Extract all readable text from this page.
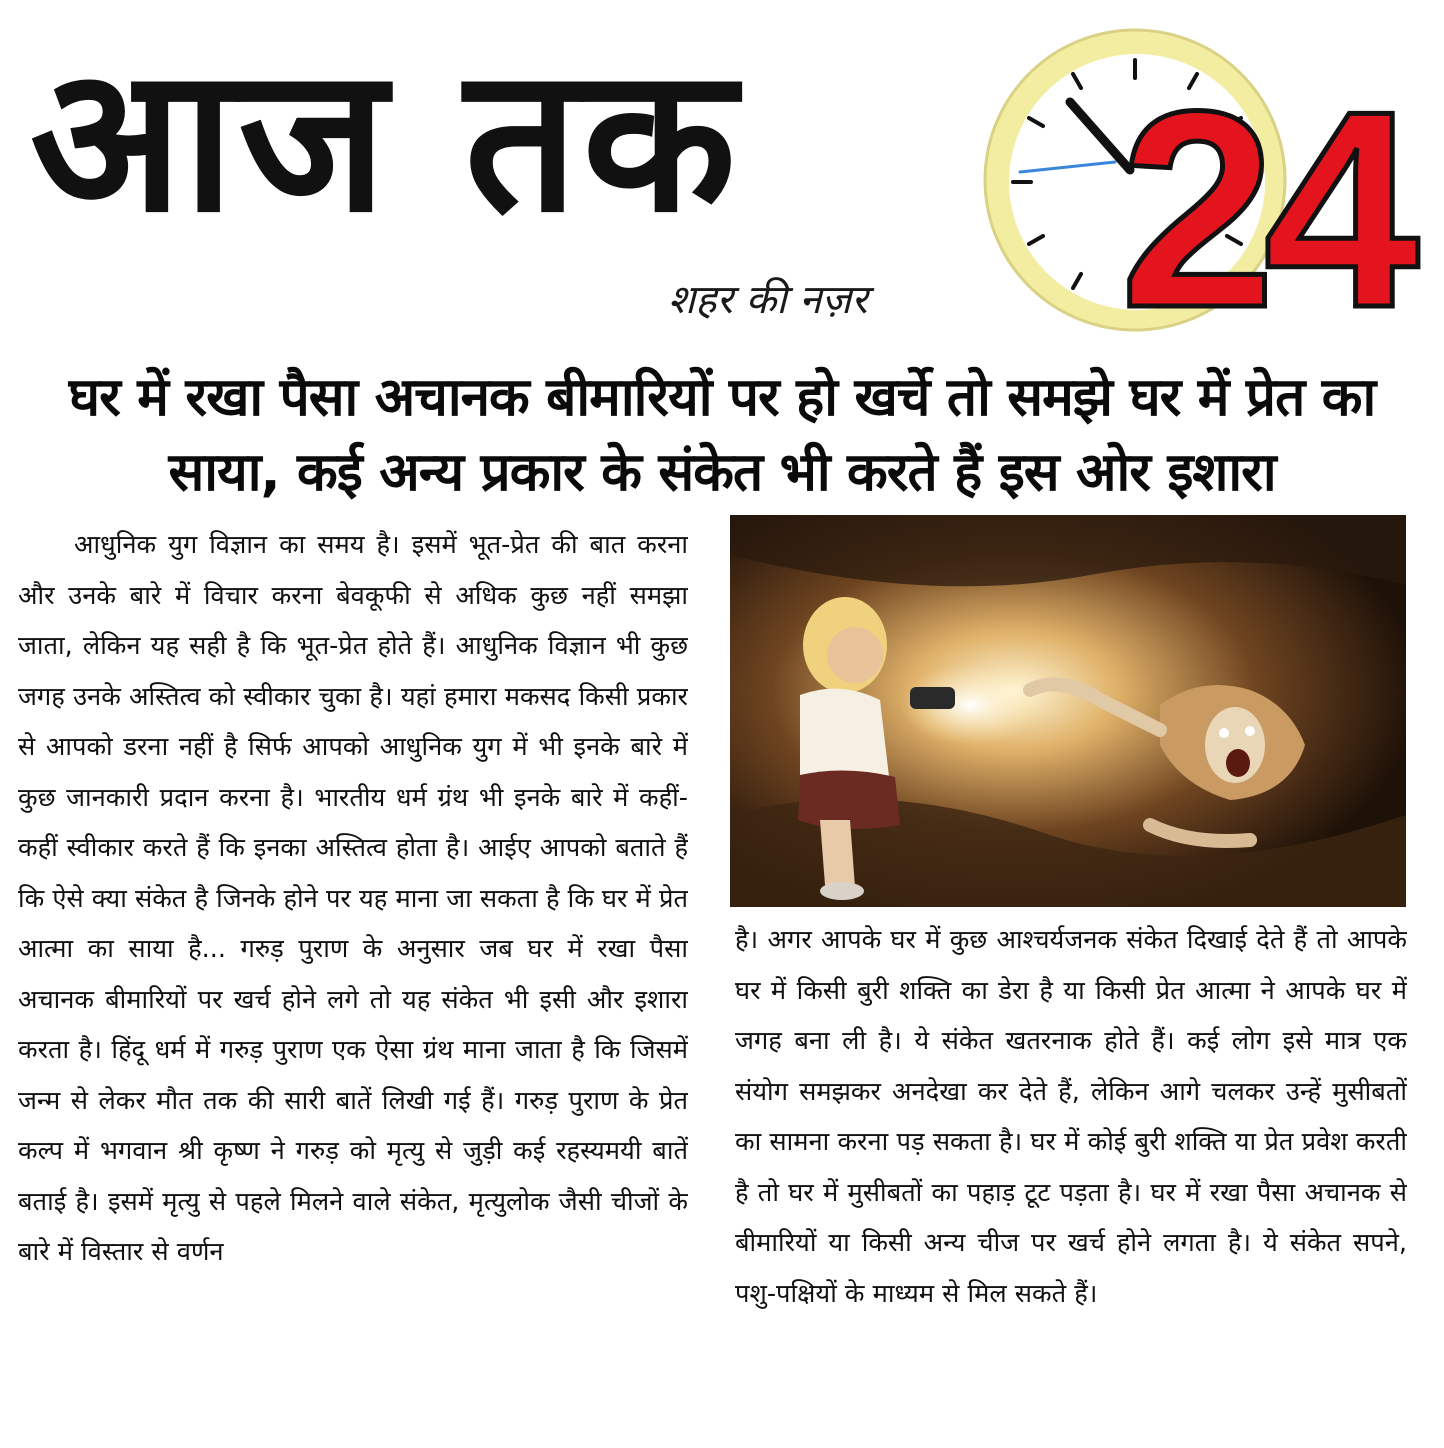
आज तक 24
शहर की नज़र
घर में रखा पैसा अचानक बीमारियों पर हो खर्चे तो समझे घर में प्रेत का साया, कई अन्य प्रकार के संकेत भी करते हैं इस ओर इशारा

आधुनिक युग विज्ञान का समय है। इसमें भूत-प्रेत की बात करना और उनके बारे में विचार करना बेवकूफी से अधिक कुछ नहीं समझा जाता, लेकिन यह सही है कि भूत-प्रेत होते हैं। आधुनिक विज्ञान भी कुछ जगह उनके अस्तित्व को स्वीकार चुका है। यहां हमारा मकसद किसी प्रकार से आपको डरना नहीं है सिर्फ आपको आधुनिक युग में भी इनके बारे में कुछ जानकारी प्रदान करना है। भारतीय धर्म ग्रंथ भी इनके बारे में कहीं-कहीं स्वीकार करते हैं कि इनका अस्तित्व होता है। आईए आपको बताते हैं कि ऐसे क्या संकेत है जिनके होने पर यह माना जा सकता है कि घर में प्रेत आत्मा का साया है... गरुड़ पुराण के अनुसार जब घर में रखा पैसा अचानक बीमारियों पर खर्च होने लगे तो यह संकेत भी इसी और इशारा करता है। हिंदू धर्म में गरुड़ पुराण एक ऐसा ग्रंथ माना जाता है कि जिसमें जन्म से लेकर मौत तक की सारी बातें लिखी गई हैं। गरुड़ पुराण के प्रेत कल्प में भगवान श्री कृष्ण ने गरुड़ को मृत्यु से जुड़ी कई रहस्यमयी बातें बताई है। इसमें मृत्यु से पहले मिलने वाले संकेत, मृत्युलोक जैसी चीजों के बारे में विस्तार से वर्णन

है। अगर आपके घर में कुछ आश्चर्यजनक संकेत दिखाई देते हैं तो आपके घर में किसी बुरी शक्ति का डेरा है या किसी प्रेत आत्मा ने आपके घर में जगह बना ली है। ये संकेत खतरनाक होते हैं। कई लोग इसे मात्र एक संयोग समझकर अनदेखा कर देते हैं, लेकिन आगे चलकर उन्हें मुसीबतों का सामना करना पड़ सकता है। घर में कोई बुरी शक्ति या प्रेत प्रवेश करती है तो घर में मुसीबतों का पहाड़ टूट पड़ता है। घर में रखा पैसा अचानक से बीमारियों या किसी अन्य चीज पर खर्च होने लगता है। ये संकेत सपने, पशु-पक्षियों के माध्यम से मिल सकते हैं।
